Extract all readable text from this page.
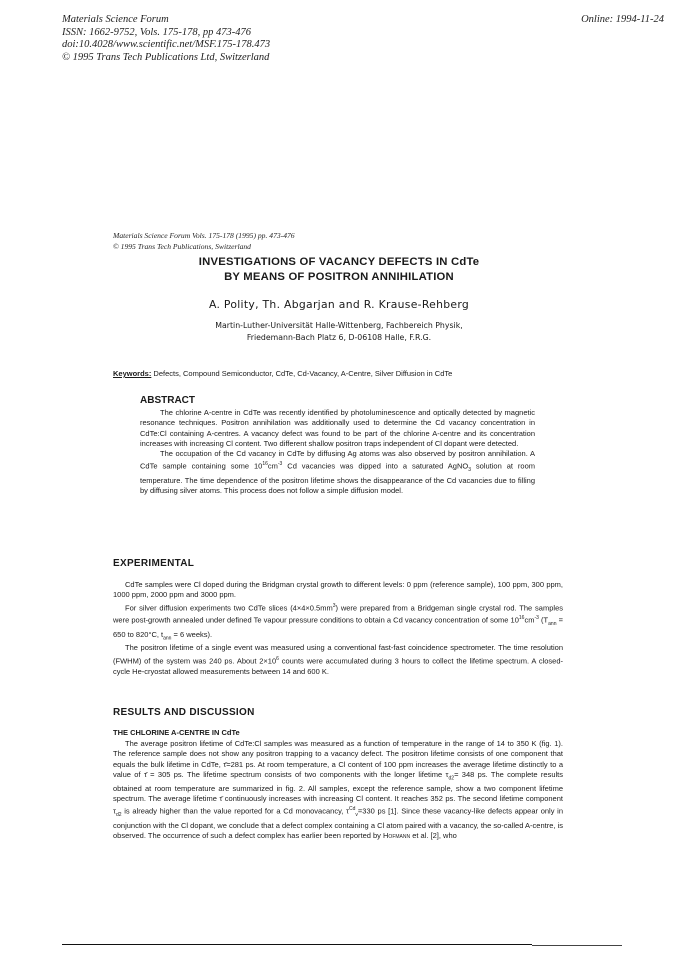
Materials Science Forum
ISSN: 1662-9752, Vols. 175-178, pp 473-476
doi:10.4028/www.scientific.net/MSF.175-178.473
© 1995 Trans Tech Publications Ltd, Switzerland
Online: 1994-11-24
Materials Science Forum Vols. 175-178 (1995) pp. 473-476
© 1995 Trans Tech Publications, Switzerland
INVESTIGATIONS OF VACANCY DEFECTS IN CdTe
BY MEANS OF POSITRON ANNIHILATION
A. Polity, Th. Abgarjan and R. Krause-Rehberg
Martin-Luther-Universität Halle-Wittenberg, Fachbereich Physik,
Friedemann-Bach Platz 6, D-06108 Halle, F.R.G.
Keywords: Defects, Compound Semiconductor, CdTe, Cd-Vacancy, A-Centre, Silver Diffusion in CdTe
ABSTRACT

The chlorine A-centre in CdTe was recently identified by photoluminescence and optically detected by magnetic resonance techniques. Positron annihilation was additionally used to determine the Cd vacancy concentration in CdTe:Cl containing A-centres. A vacancy defect was found to be part of the chlorine A-centre and its concentration increases with increasing Cl content. Two different shallow positron traps independent of Cl dopant were detected.

The occupation of the Cd vacancy in CdTe by diffusing Ag atoms was also observed by positron annihilation. A CdTe sample containing some $10^{16}cm^{-3}$ Cd vacancies was dipped into a saturated AgNO$_3$ solution at room temperature. The time dependence of the positron lifetime shows the disappearance of the Cd vacancies due to filling by diffusing silver atoms. This process does not follow a simple diffusion model.

EXPERIMENTAL

CdTe samples were Cl doped during the Bridgman crystal growth to different levels: 0 ppm (reference sample), 100 ppm, 300 ppm, 1000 ppm, 2000 ppm and 3000 ppm.

For silver diffusion experiments two CdTe slices $(4\times 4\times 0.5mm^3)$ were prepared from a Bridgeman single crystal rod. The samples were post-growth annealed under defined Te vapour pressure conditions to obtain a Cd vacancy concentration of some $10^{16}cm^{-3}$ ($T_{ann} = 650$ to 820°C, $t_{ann} = 6$ weeks).

The positron lifetime of a single event was measured using a conventional fast-fast coincidence spectrometer. The time resolution (FWHM) of the system was 240 ps. About $2\times 10^6$ counts were accumulated during 3 hours to collect the lifetime spectrum. A closed-cycle He-cryostat allowed measurements between 14 and 600 K.

RESULTS AND DISCUSSION
THE CHLORINE A-CENTRE IN CdTe

The average positron lifetime of CdTe:Cl samples was measured as a function of temperature in the range of 14 to 350 K (fig. 1). The reference sample does not show any positron trapping to a vacancy defect. The positron lifetime consists of one component that equals the bulk lifetime in CdTe, τ̄=281 ps. At room temperature, a Cl content of 100 ppm increases the average lifetime distinctly to a value of τ̄ = 305 ps. The lifetime spectrum consists of two components with the longer lifetime $\tau_{d2}= 348$ ps. The complete results obtained at room temperature are summarized in fig. 2. All samples, except the reference sample, show a two component lifetime spectrum. The average lifetime τ̄ continuously increases with increasing Cl content. It reaches 352 ps. The second lifetime component $\tau_{d2}$ is already higher than the value reported for a Cd monovacancy, $\tau^{Cd}_v=330$ ps [1]. Since these vacancy-like defects appear only in conjunction with the Cl dopant, we conclude that a defect complex containing a Cl atom paired with a vacancy, the so-called A-centre, is observed. The occurrence of such a defect complex has earlier been reported by Hofmann et al. [2], who
